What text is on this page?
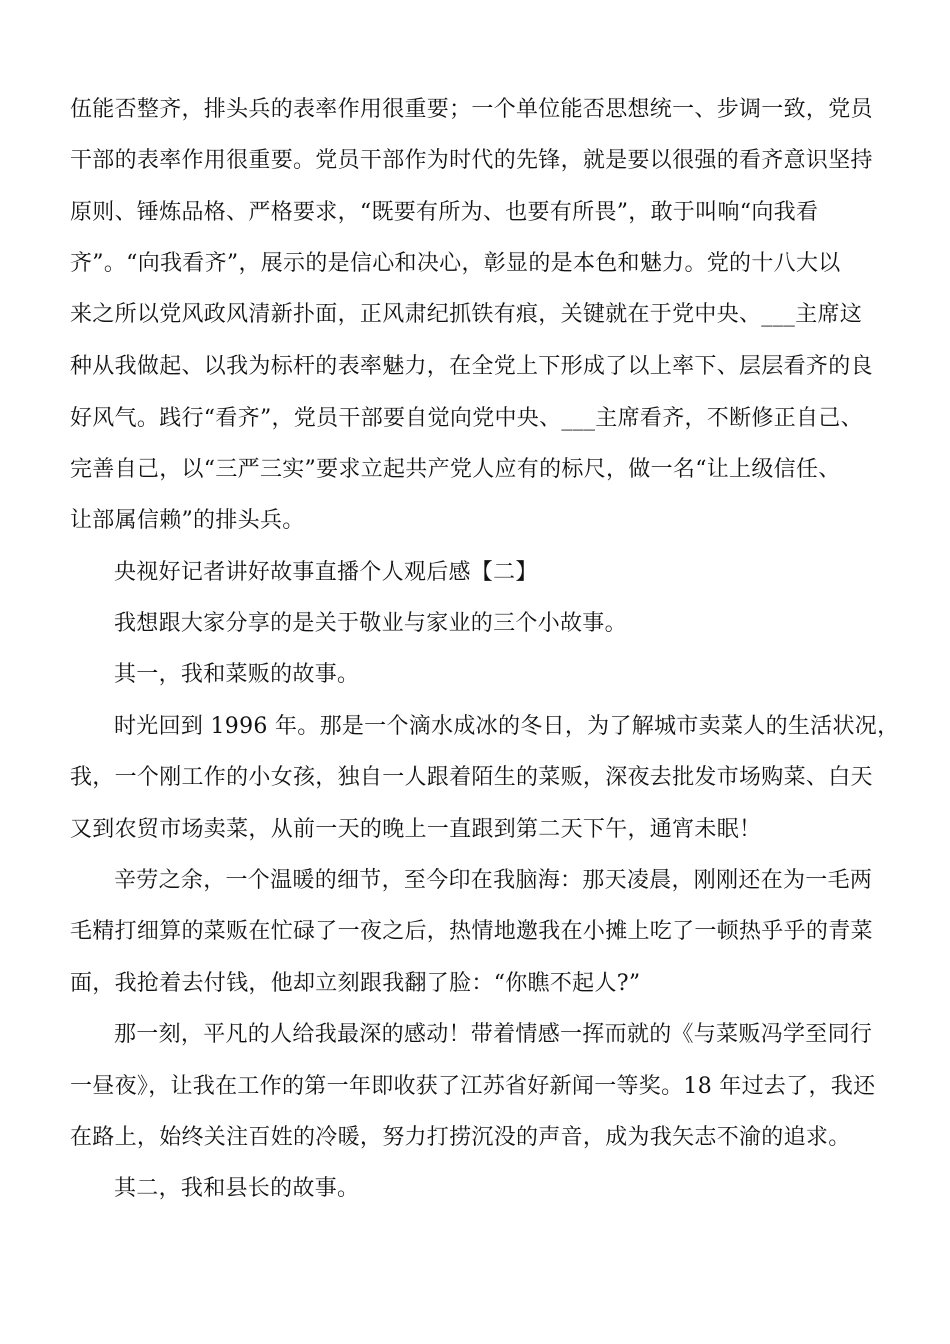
伍能否整齐，排头兵的表率作用很重要；一个单位能否思想统一、步调一致，党员
干部的表率作用很重要。党员干部作为时代的先锋，就是要以很强的看齐意识坚持
原则、锤炼品格、严格要求，“既要有所为、也要有所畏”，敢于叫响“向我看
齐”。“向我看齐”，展示的是信心和决心，彰显的是本色和魅力。党的十八大以
来之所以党风政风清新扑面，正风肃纪抓铁有痕，关键就在于党中央、___主席这
种从我做起、以我为标杆的表率魅力，在全党上下形成了以上率下、层层看齐的良
好风气。践行“看齐”，党员干部要自觉向党中央、___主席看齐，不断修正自己、
完善自己，以“三严三实”要求立起共产党人应有的标尺，做一名“让上级信任、
让部属信赖”的排头兵。
央视好记者讲好故事直播个人观后感【二】
我想跟大家分享的是关于敬业与家业的三个小故事。
其一，我和菜贩的故事。
时光回到 1996 年。那是一个滴水成冰的冬日，为了解城市卖菜人的生活状况，
我，一个刚工作的小女孩，独自一人跟着陌生的菜贩，深夜去批发市场购菜、白天
又到农贸市场卖菜，从前一天的晚上一直跟到第二天下午，通宵未眠！
辛劳之余，一个温暖的细节，至今印在我脑海：那天凌晨，刚刚还在为一毛两
毛精打细算的菜贩在忙碌了一夜之后，热情地邀我在小摊上吃了一顿热乎乎的青菜
面，我抢着去付钱，他却立刻跟我翻了脸：“你瞧不起人?”
那一刻，平凡的人给我最深的感动！带着情感一挥而就的《与菜贩冯学至同行
一昼夜》，让我在工作的第一年即收获了江苏省好新闻一等奖。18 年过去了，我还
在路上，始终关注百姓的冷暖，努力打捞沉没的声音，成为我矢志不渝的追求。
其二，我和县长的故事。
